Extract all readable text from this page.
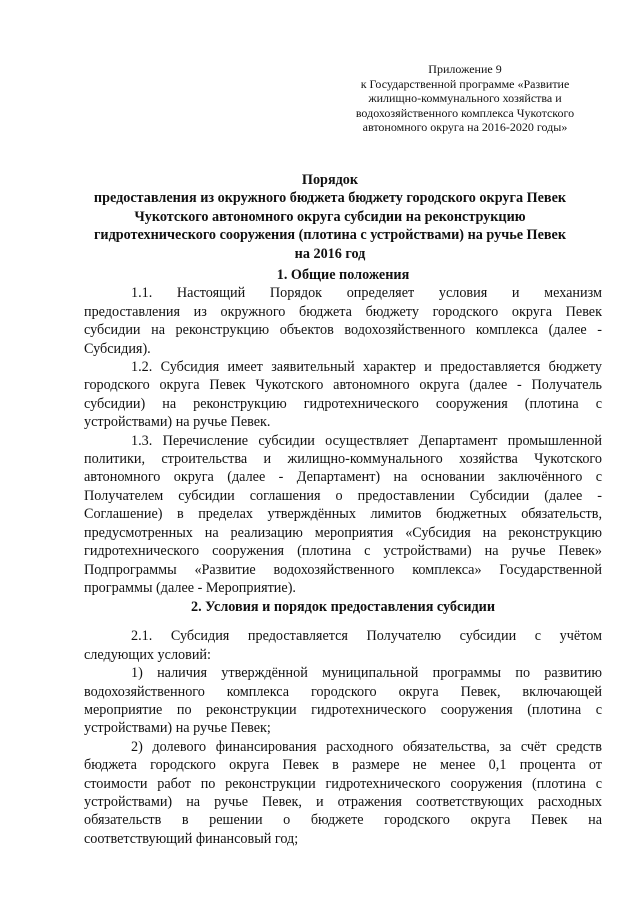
Приложение 9
к Государственной программе «Развитие
жилищно-коммунального хозяйства и
водохозяйственного комплекса Чукотского
автономного округа на 2016-2020 годы»
Порядок
предоставления из окружного бюджета бюджету городского округа Певек
Чукотского автономного округа субсидии на реконструкцию
гидротехнического сооружения (плотина с устройствами) на ручье Певек
на 2016 год
1. Общие положения
1.1. Настоящий Порядок определяет условия и механизм
предоставления из окружного бюджета бюджету городского округа Певек
субсидии на реконструкцию объектов водохозяйственного комплекса (далее -
Субсидия).
1.2. Субсидия имеет заявительный характер и предоставляется бюджету
городского округа Певек Чукотского автономного округа (далее - Получатель
субсидии) на реконструкцию гидротехнического сооружения (плотина с
устройствами) на ручье Певек.
1.3. Перечисление субсидии осуществляет Департамент промышленной
политики, строительства и жилищно-коммунального хозяйства Чукотского
автономного округа (далее - Департамент) на основании заключённого с
Получателем субсидии соглашения о предоставлении Субсидии (далее -
Соглашение) в пределах утверждённых лимитов бюджетных обязательств,
предусмотренных на реализацию мероприятия «Субсидия на реконструкцию
гидротехнического сооружения (плотина с устройствами) на ручье Певек»
Подпрограммы «Развитие водохозяйственного комплекса» Государственной
программы (далее - Мероприятие).
2. Условия и порядок предоставления субсидии
2.1. Субсидия предоставляется Получателю субсидии с учётом
следующих условий:
1) наличия утверждённой муниципальной программы по развитию
водохозяйственного комплекса городского округа Певек, включающей
мероприятие по реконструкции гидротехнического сооружения (плотина с
устройствами) на ручье Певек;
2) долевого финансирования расходного обязательства, за счёт средств
бюджета городского округа Певек в размере не менее 0,1 процента от
стоимости работ по реконструкции гидротехнического сооружения (плотина с
устройствами) на ручье Певек, и отражения соответствующих расходных
обязательств в решении о бюджете городского округа Певек на
соответствующий финансовый год;
